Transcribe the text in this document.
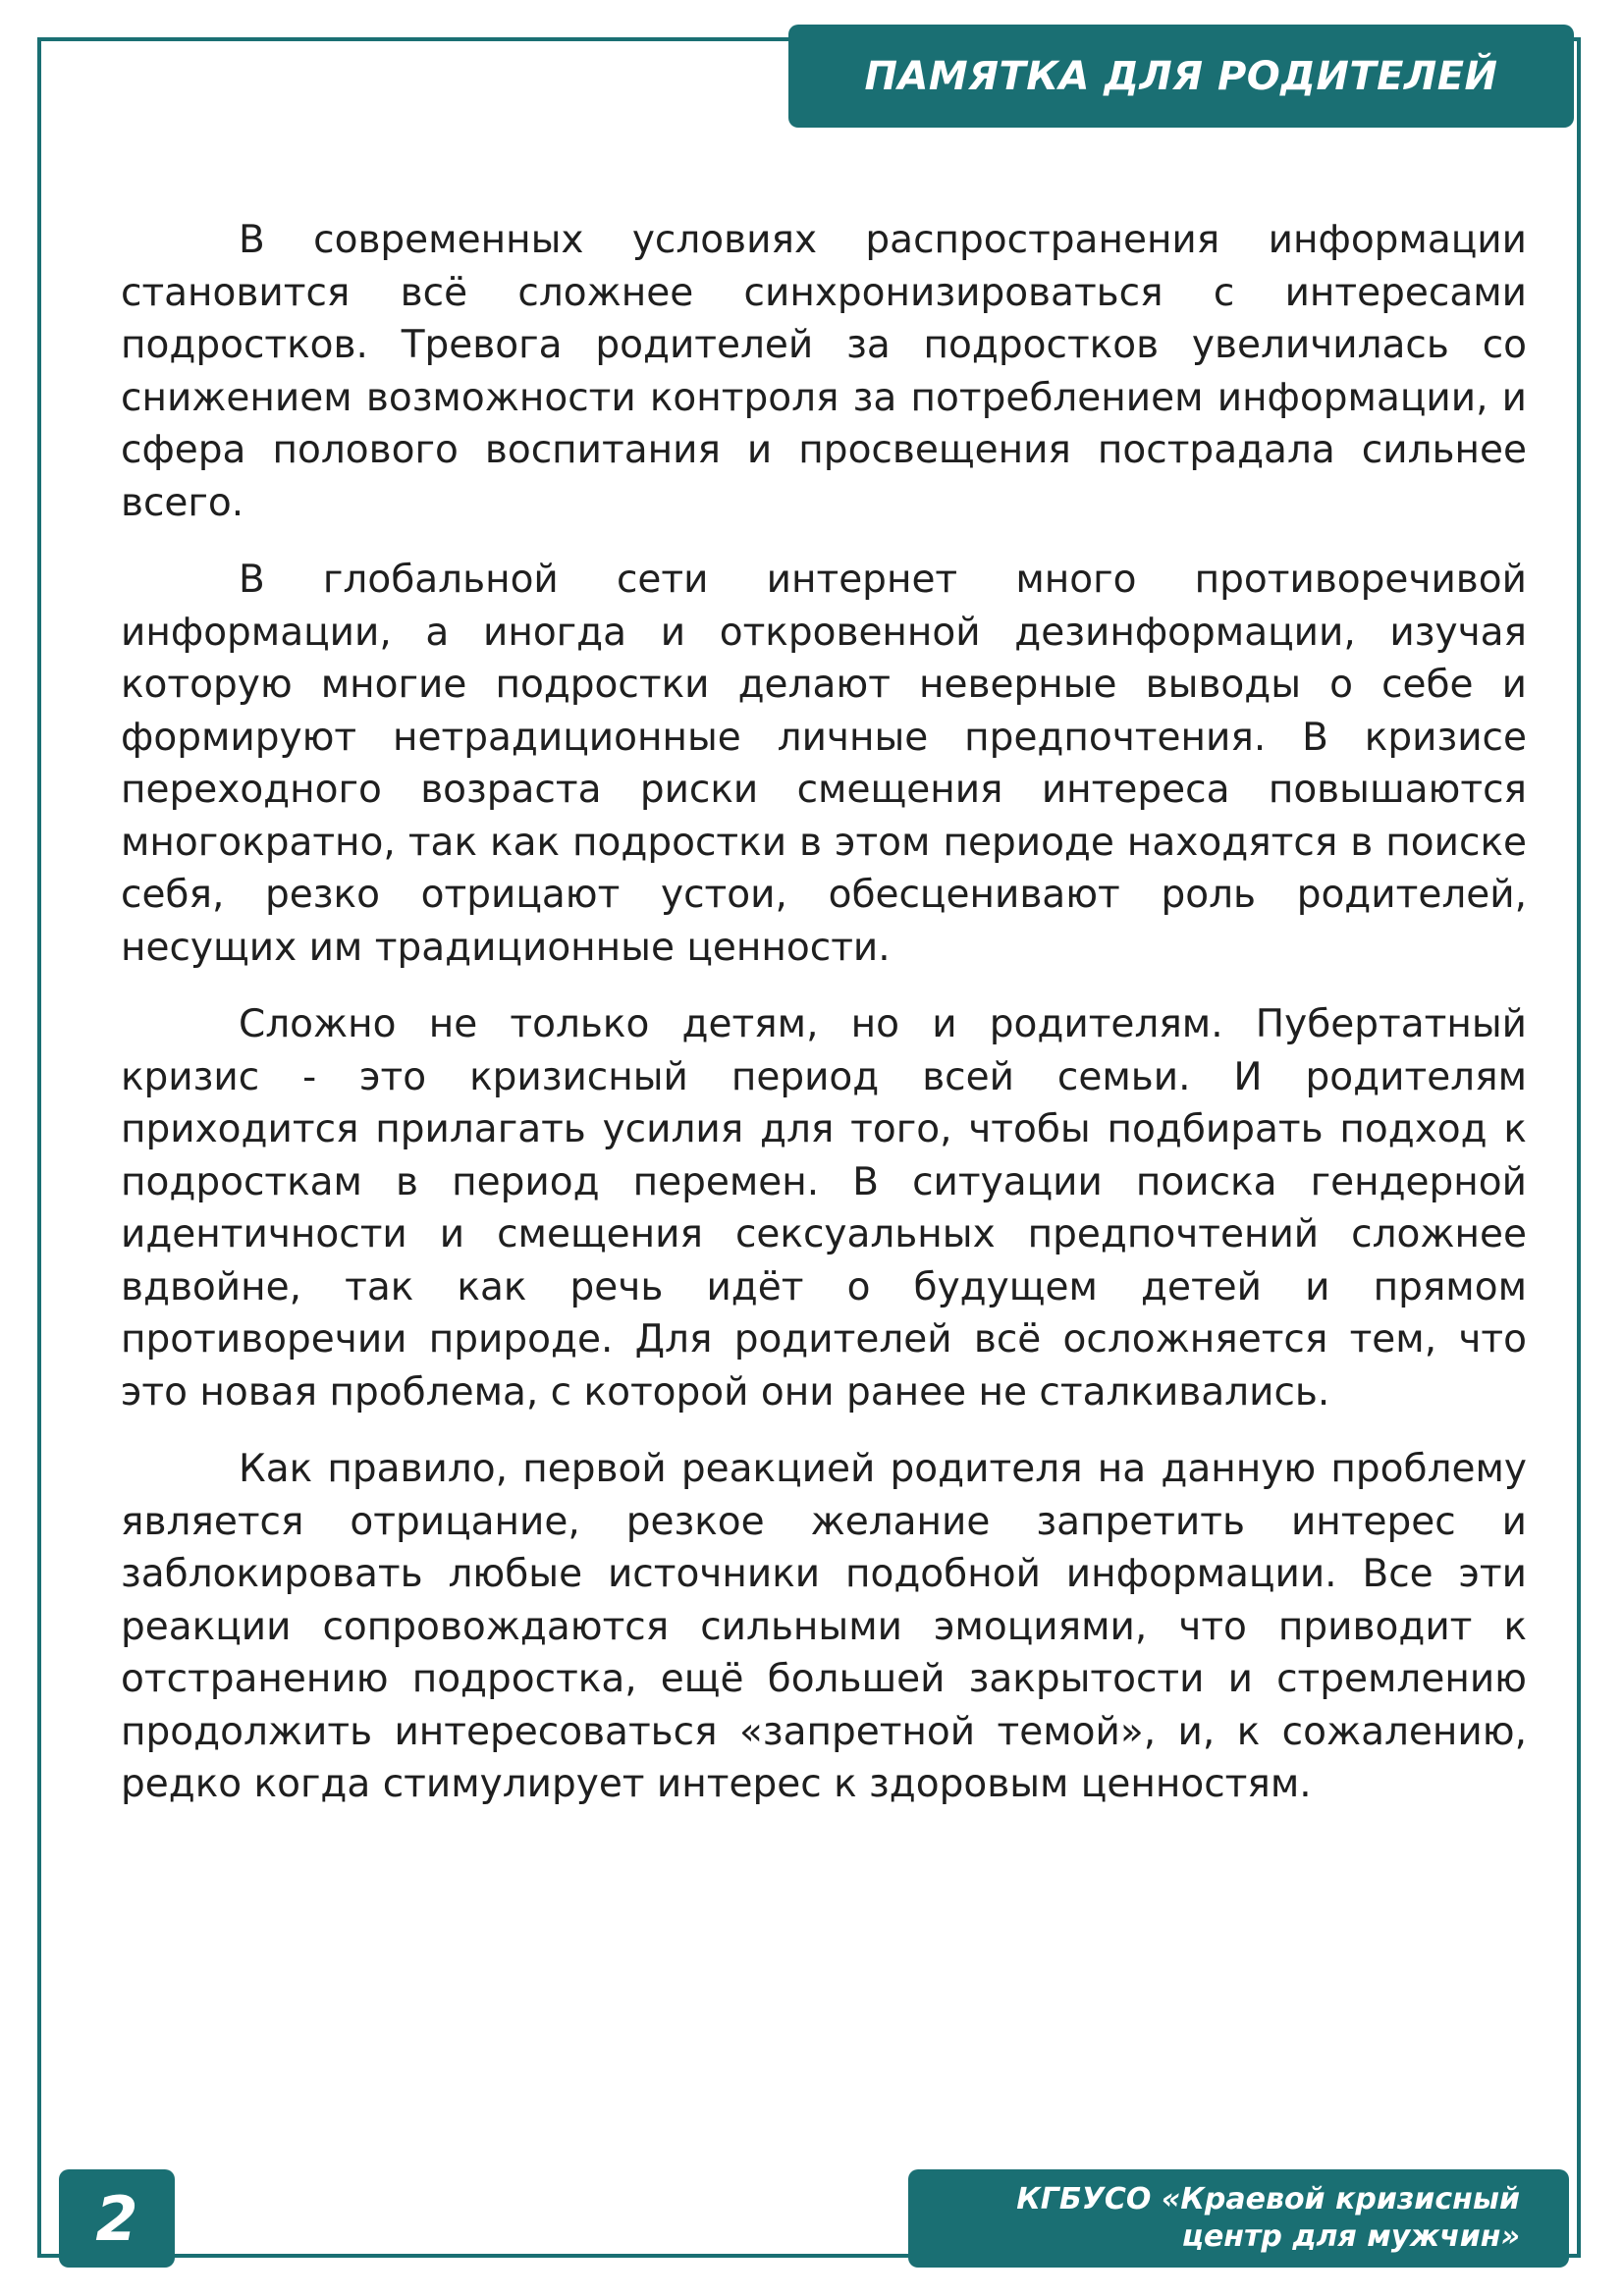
ПАМЯТКА ДЛЯ РОДИТЕЛЕЙ

В современных условиях распространения информации становится всё сложнее синхронизироваться с интересами подростков. Тревога родителей за подростков увеличилась со снижением возможности контроля за потреблением информации, и сфера полового воспитания и просвещения пострадала сильнее всего.

В глобальной сети интернет много противоречивой информации, а иногда и откровенной дезинформации, изучая которую многие подростки делают неверные выводы о себе и формируют нетрадиционные личные предпочтения. В кризисе переходного возраста риски смещения интереса повышаются многократно, так как подростки в этом периоде находятся в поиске себя, резко отрицают устои, обесценивают роль родителей, несущих им традиционные ценности.

Сложно не только детям, но и родителям. Пубертатный кризис - это кризисный период всей семьи. И родителям приходится прилагать усилия для того, чтобы подбирать подход к подросткам в период перемен. В ситуации поиска гендерной идентичности и смещения сексуальных предпочтений сложнее вдвойне, так как речь идёт о будущем детей и прямом противоречии природе. Для родителей всё осложняется тем, что это новая проблема, с которой они ранее не сталкивались.

Как правило, первой реакцией родителя на данную проблему является отрицание, резкое желание запретить интерес и заблокировать любые источники подобной информации. Все эти реакции сопровождаются сильными эмоциями, что приводит к отстранению подростка, ещё большей закрытости и стремлению продолжить интересоваться «запретной темой», и, к сожалению, редко когда стимулирует интерес к здоровым ценностям.

2	КГБУСО «Краевой кризисный
центр для мужчин»
